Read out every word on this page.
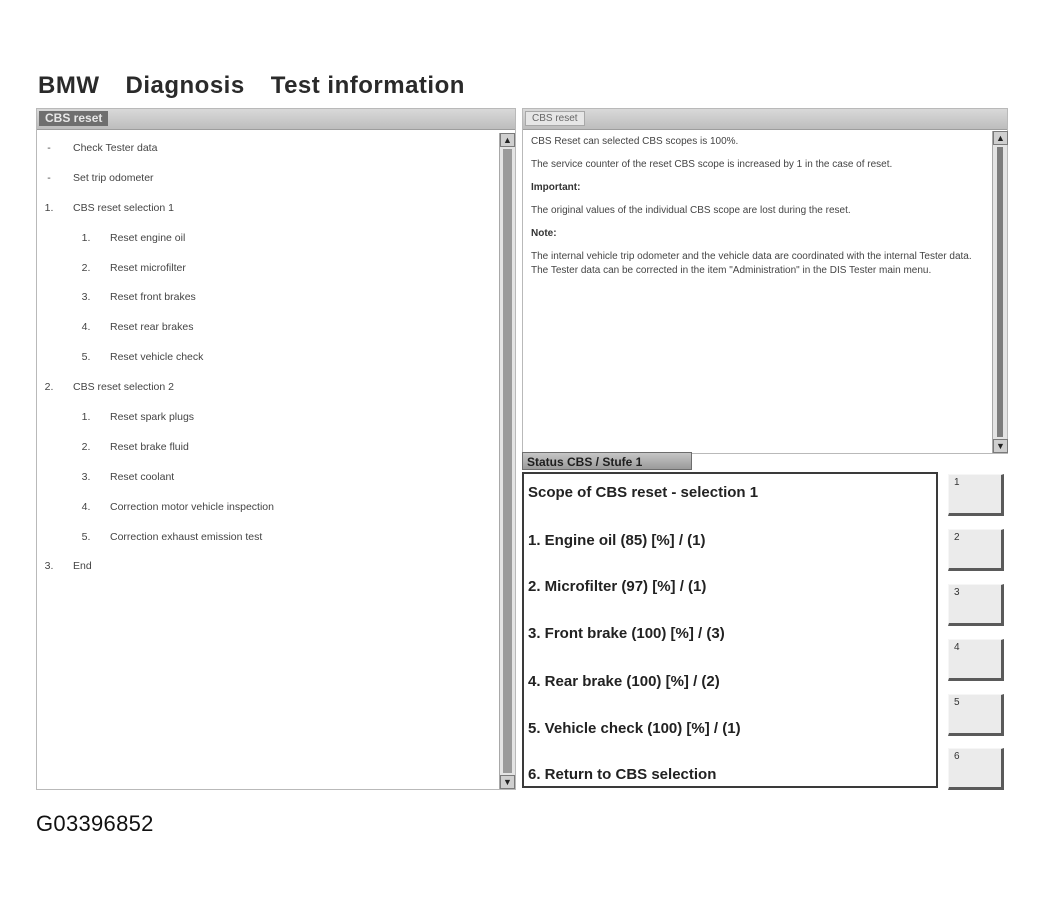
BMW Diagnosis Test information
CBS reset
-	Check Tester data
-	Set trip odometer
1. CBS reset selection 1
1. Reset engine oil
2. Reset microfilter
3. Reset front brakes
4. Reset rear brakes
5. Reset vehicle check
2. CBS reset selection 2
1. Reset spark plugs
2. Reset brake fluid
3. Reset coolant
4. Correction motor vehicle inspection
5. Correction exhaust emission test
3. End
▲
▼
CBS reset

CBS Reset can selected CBS scopes is 100%.

The service counter of the reset CBS scope is increased by 1 in the case of reset.

Important:

The original values of the individual CBS scope are lost during the reset.

Note:

The internal vehicle trip odometer and the vehicle data are coordinated with the internal Tester data. The Tester data can be corrected in the item "Administration" in the DIS Tester main menu.

▲
▼
Status CBS / Stufe 1
Scope of CBS reset - selection 1
1. Engine oil (85) [%] / (1)
2. Microfilter (97) [%] / (1)
3. Front brake (100) [%] / (3)
4. Rear brake (100) [%] / (2)
5. Vehicle check (100) [%] / (1)
6. Return to CBS selection
1
2
3
4
5
6
G03396852
